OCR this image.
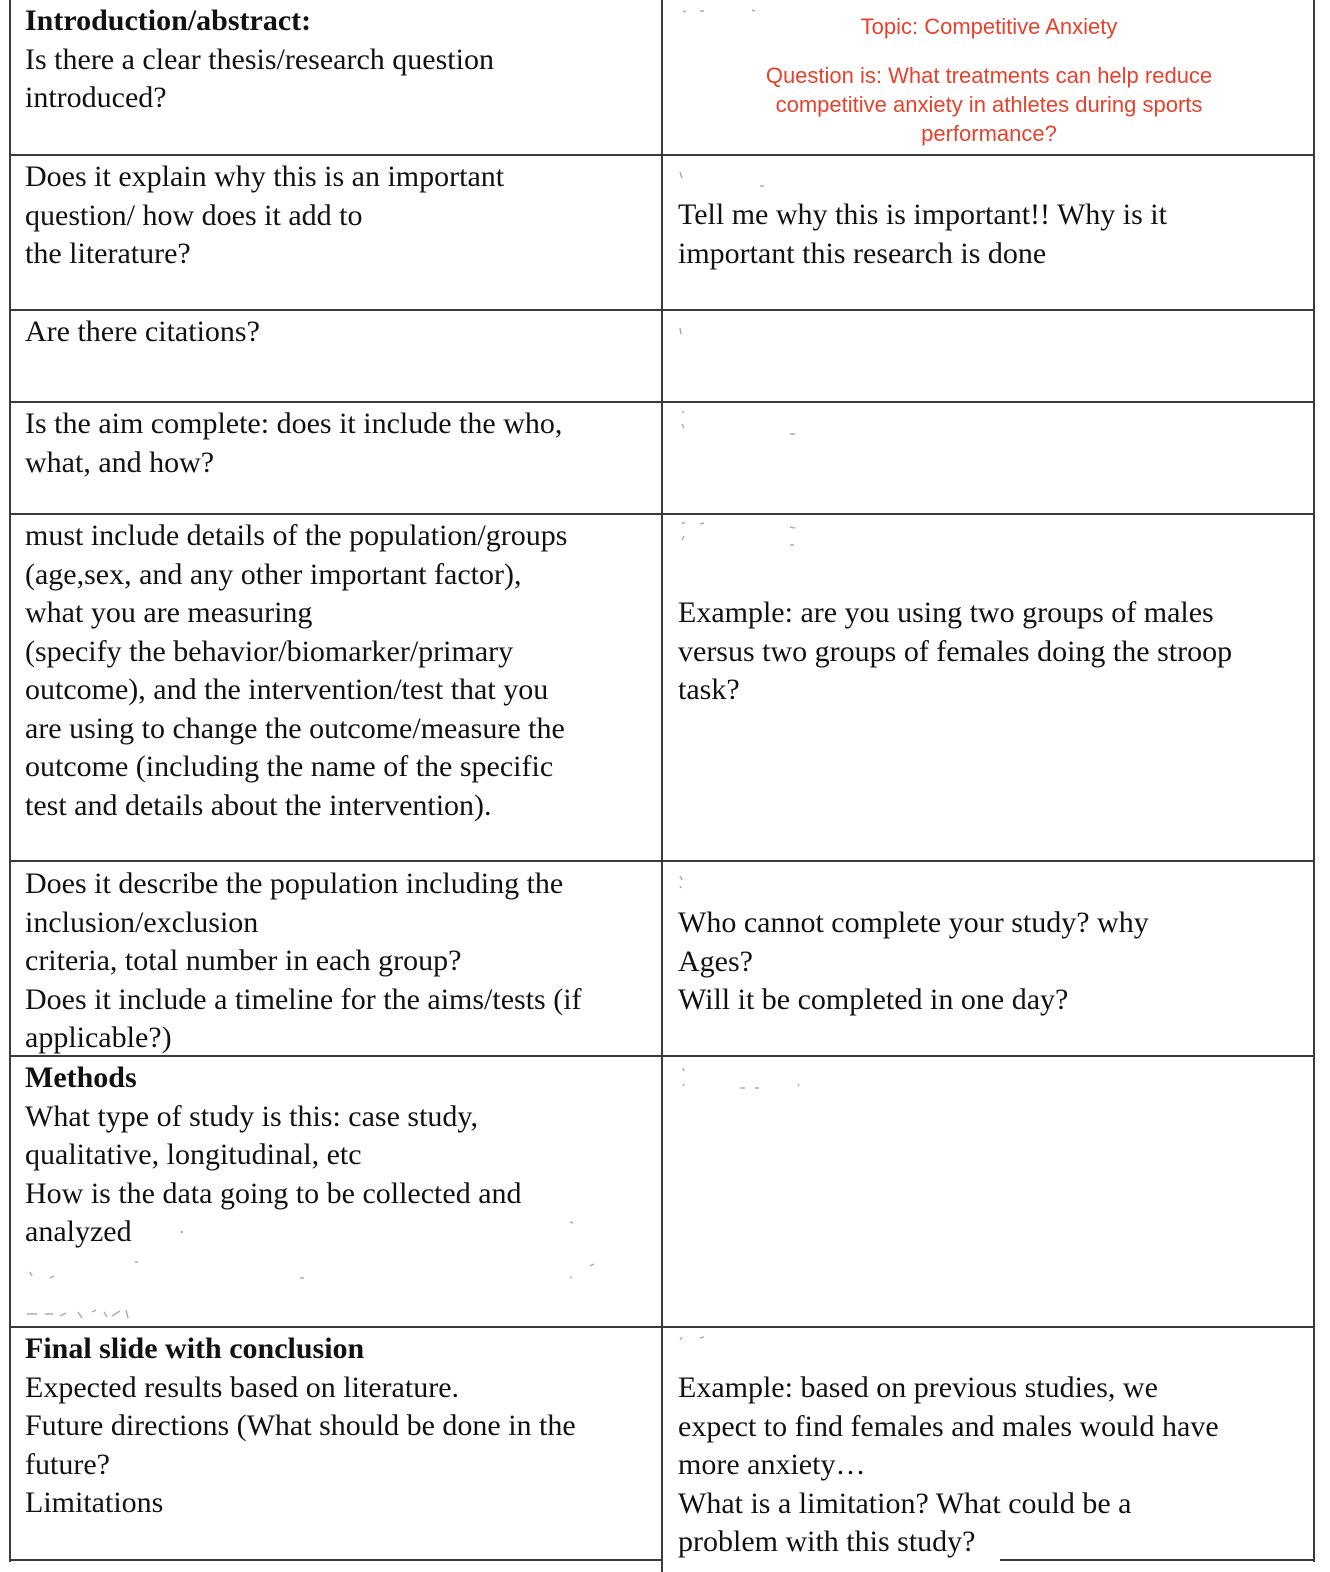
Introduction/abstract:
Is there a clear thesis/research question
introduced?
Topic: Competitive Anxiety
Question is: What treatments can help reduce
competitive anxiety in athletes during sports
performance?
Does it explain why this is an important
question/ how does it add to
the literature?
Tell me why this is important!! Why is it
important this research is done
Are there citations?
Is the aim complete: does it include the who,
what, and how?
must include details of the population/groups
(age,sex, and any other important factor),
what you are measuring
(specify the behavior/biomarker/primary
outcome), and the intervention/test that you
are using to change the outcome/measure the
outcome (including the name of the specific
test and details about the intervention).
Example: are you using two groups of males
versus two groups of females doing the stroop
task?
Does it describe the population including the
inclusion/exclusion
criteria, total number in each group?
Does it include a timeline for the aims/tests (if
applicable?)
Who cannot complete your study? why
Ages?
Will it be completed in one day?
Methods
What type of study is this: case study,
qualitative, longitudinal, etc
How is the data going to be collected and
analyzed
Final slide with conclusion
Expected results based on literature.
Future directions (What should be done in the
future?
Limitations
Example: based on previous studies, we
expect to find females and males would have
more anxiety…
What is a limitation? What could be a
problem with this study?
